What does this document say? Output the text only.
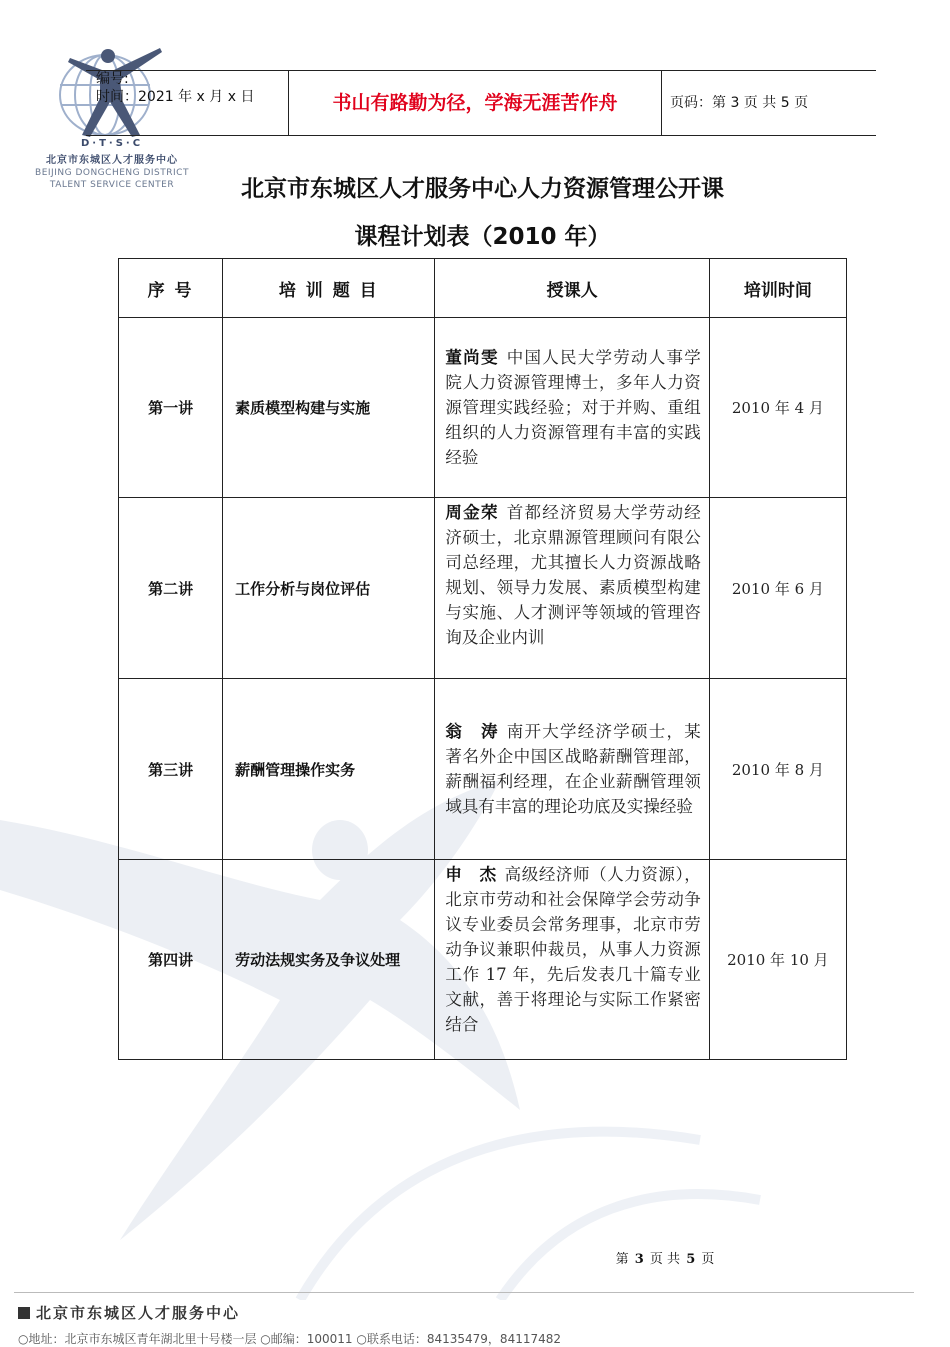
D·T·S·C
北京市东城区人才服务中心
BEIJING DONGCHENG DISTRICT
TALENT SERVICE CENTER
编号:
时间：2021 年 x 月 x 日	书山有路勤为径，学海无涯苦作舟	页码：第 3 页 共 5 页
北京市东城区人才服务中心人力资源管理公开课
课程计划表（2010 年）
序 号	培 训 题 目	授课人	培训时间
第一讲	素质模型构建与实施	董尚雯 中国人民大学劳动人事学院人力资源管理博士，多年人力资源管理实践经验；对于并购、重组组织的人力资源管理有丰富的实践经验	2010 年 4 月
第二讲	工作分析与岗位评估	周金荣 首都经济贸易大学劳动经济硕士，北京鼎源管理顾问有限公司总经理，尤其擅长人力资源战略规划、领导力发展、素质模型构建与实施、人才测评等领域的管理咨询及企业内训	2010 年 6 月
第三讲	薪酬管理操作实务	翁　涛 南开大学经济学硕士，某著名外企中国区战略薪酬管理部，薪酬福利经理，在企业薪酬管理领域具有丰富的理论功底及实操经验	2010 年 8 月
第四讲	劳动法规实务及争议处理	申　杰 高级经济师（人力资源），北京市劳动和社会保障学会劳动争议专业委员会常务理事，北京市劳动争议兼职仲裁员，从事人力资源工作 17 年，先后发表几十篇专业文献，善于将理论与实际工作紧密结合	2010 年 10 月
第 3 页 共 5 页
北京市东城区人才服务中心
○地址：北京市东城区青年湖北里十号楼一层 ○邮编：100011 ○联系电话：84135479，84117482
